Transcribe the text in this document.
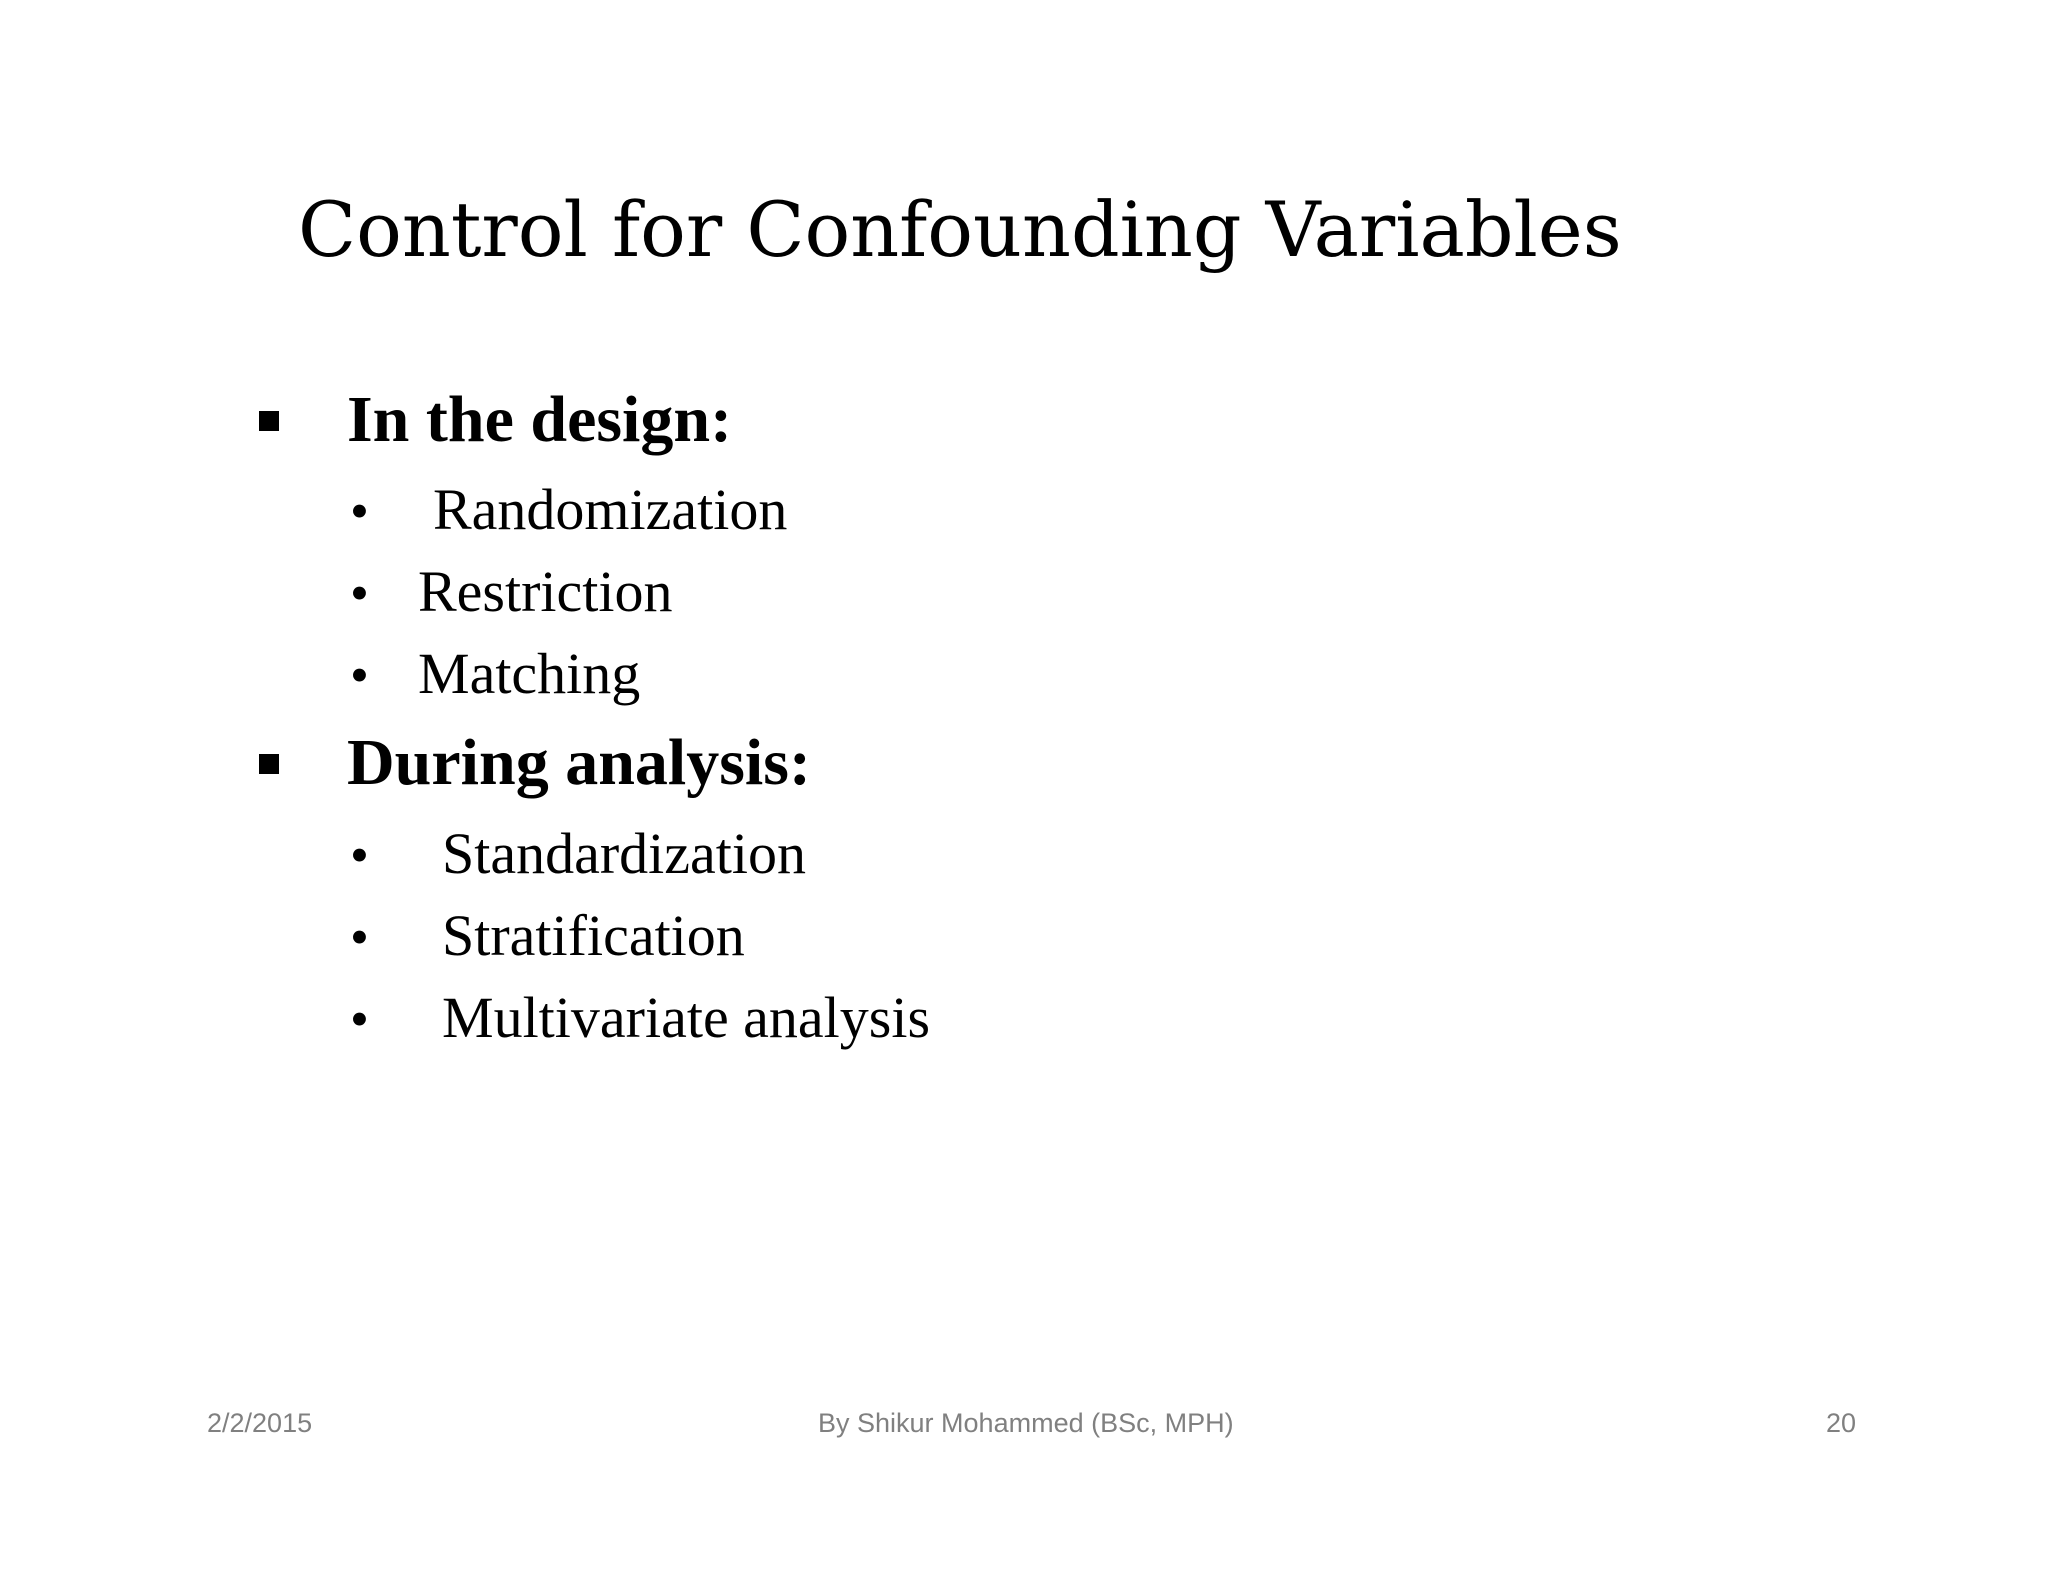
Control for Confounding Variables
In the design:
• Randomization
• Restriction
• Matching
During analysis:
• Standardization
• Stratification
• Multivariate analysis
2/2/2015	By Shikur Mohammed (BSc, MPH)	20
